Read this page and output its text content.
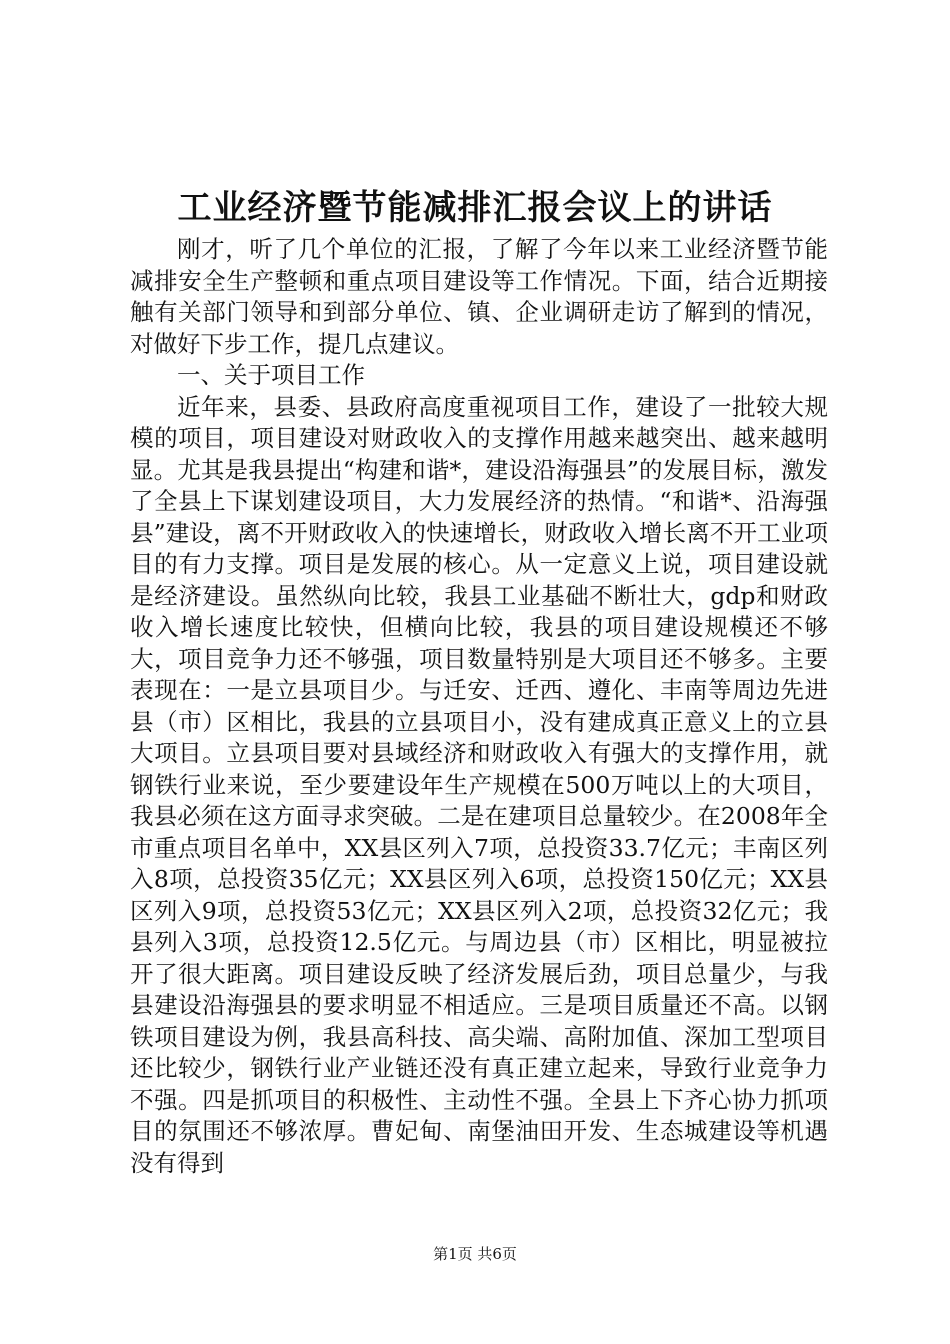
工业经济暨节能减排汇报会议上的讲话

刚才，听了几个单位的汇报，了解了今年以来工业经济暨节能减排安全生产整顿和重点项目建设等工作情况。下面，结合近期接触有关部门领导和到部分单位、镇、企业调研走访了解到的情况，对做好下步工作，提几点建议。

一、关于项目工作

近年来，县委、县政府高度重视项目工作，建设了一批较大规模的项目，项目建设对财政收入的支撑作用越来越突出、越来越明显。尤其是我县提出“构建和谐*，建设沿海强县”的发展目标，激发了全县上下谋划建设项目，大力发展经济的热情。“和谐*、沿海强县”建设，离不开财政收入的快速增长，财政收入增长离不开工业项目的有力支撑。项目是发展的核心。从一定意义上说，项目建设就是经济建设。虽然纵向比较，我县工业基础不断壮大，gdp和财政收入增长速度比较快，但横向比较，我县的项目建设规模还不够大，项目竞争力还不够强，项目数量特别是大项目还不够多。主要表现在：一是立县项目少。与迁安、迁西、遵化、丰南等周边先进县（市）区相比，我县的立县项目小，没有建成真正意义上的立县大项目。立县项目要对县域经济和财政收入有强大的支撑作用，就钢铁行业来说，至少要建设年生产规模在500万吨以上的大项目，我县必须在这方面寻求突破。二是在建项目总量较少。在2008年全市重点项目名单中，XX县区列入7项，总投资33.7亿元；丰南区列入8项，总投资35亿元；XX县区列入6项，总投资150亿元；XX县区列入9项，总投资53亿元；XX县区列入2项，总投资32亿元；我县列入3项，总投资12.5亿元。与周边县（市）区相比，明显被拉开了很大距离。项目建设反映了经济发展后劲，项目总量少，与我县建设沿海强县的要求明显不相适应。三是项目质量还不高。以钢铁项目建设为例，我县高科技、高尖端、高附加值、深加工型项目还比较少，钢铁行业产业链还没有真正建立起来，导致行业竞争力不强。四是抓项目的积极性、主动性不强。全县上下齐心协力抓项目的氛围还不够浓厚。曹妃甸、南堡油田开发、生态城建设等机遇没有得到

第1页 共6页
